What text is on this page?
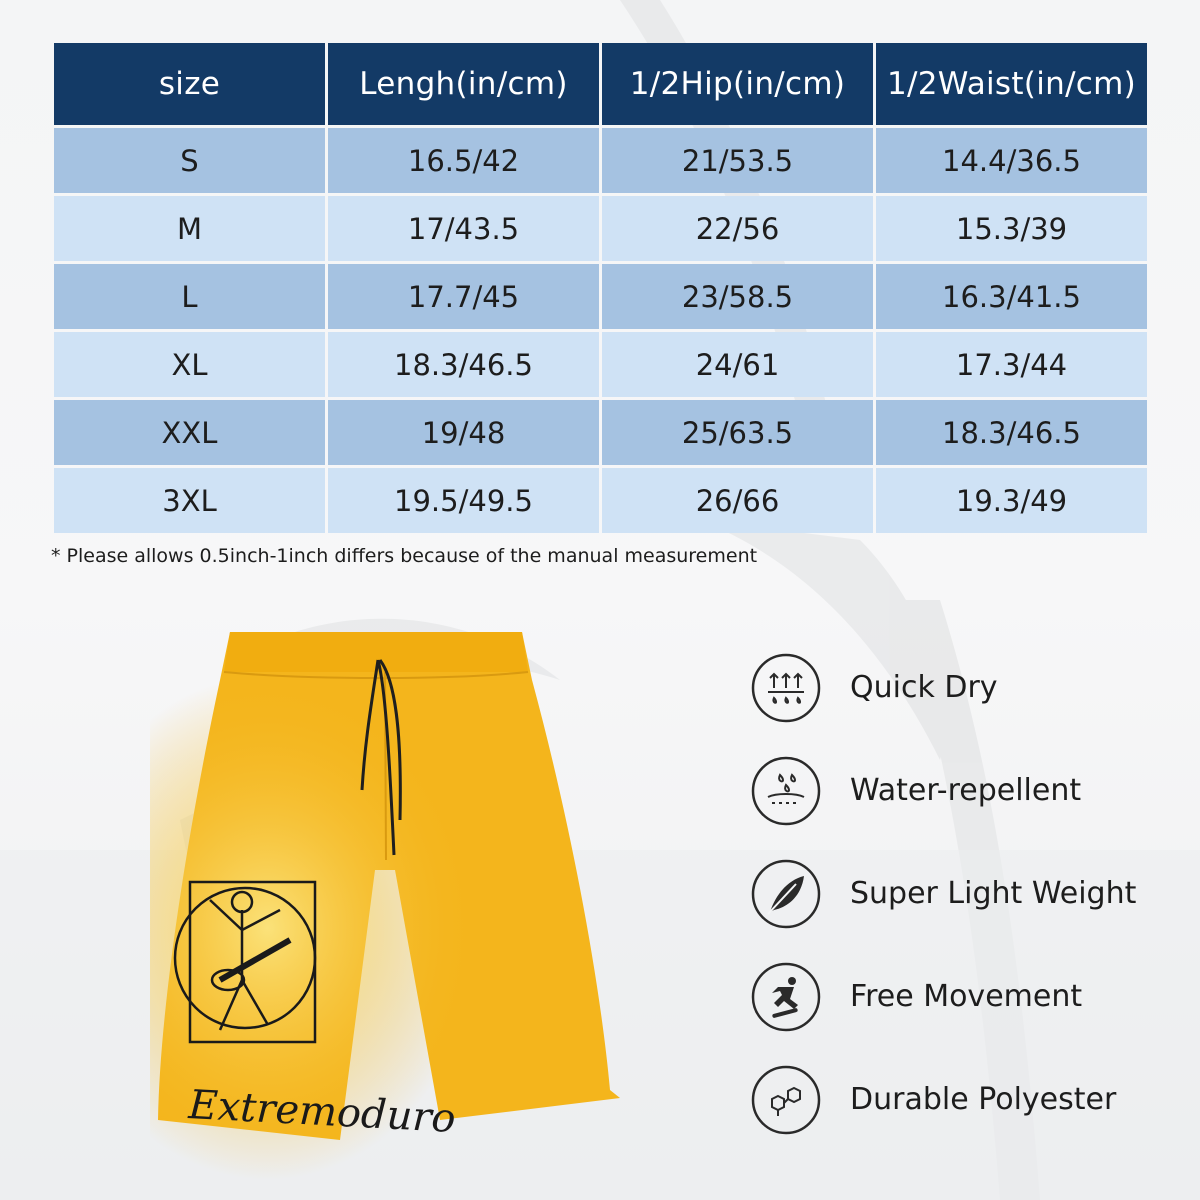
size	Lengh(in/cm)	1/2Hip(in/cm)	1/2Waist(in/cm)
S	16.5/42	21/53.5	14.4/36.5
M	17/43.5	22/56	15.3/39
L	17.7/45	23/58.5	16.3/41.5
XL	18.3/46.5	24/61	17.3/44
XXL	19/48	25/63.5	18.3/46.5
3XL	19.5/49.5	26/66	19.3/49
* Please allows 0.5inch-1inch differs because of the manual measurement
Extremoduro
Quick Dry
Water-repellent
Super Light Weight
Free Movement
Durable Polyester
